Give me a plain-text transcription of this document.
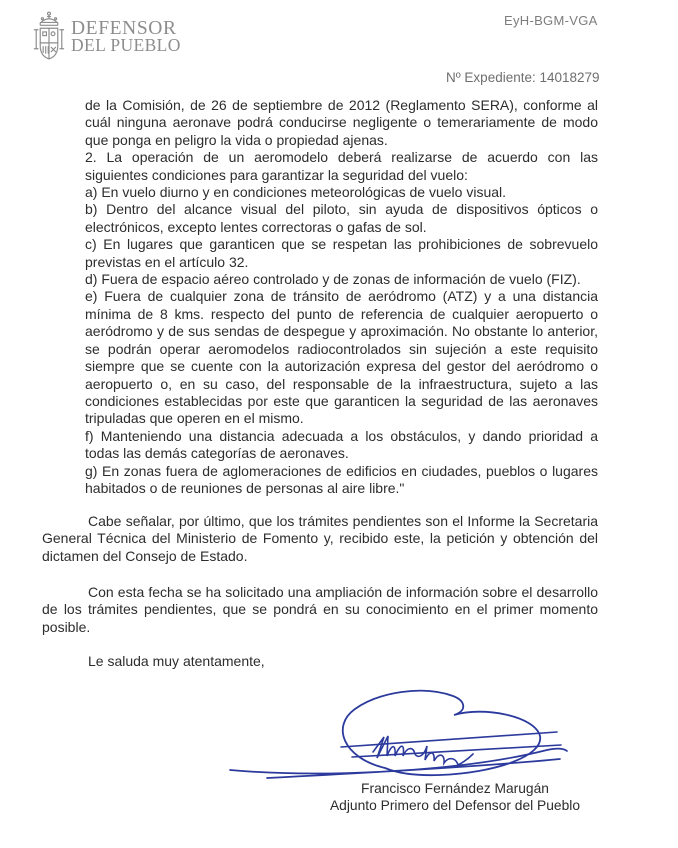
DEFENSOR
DEL PUEBLO
EyH-BGM-VGA
Nº Expediente: 14018279

de la Comisión, de 26 de septiembre de 2012 (Reglamento SERA), conforme al cuál ninguna aeronave podrá conducirse negligente o temerariamente de modo que ponga en peligro la vida o propiedad ajenas.

2. La operación de un aeromodelo deberá realizarse de acuerdo con las siguientes condiciones para garantizar la seguridad del vuelo:

a) En vuelo diurno y en condiciones meteorológicas de vuelo visual.

b) Dentro del alcance visual del piloto, sin ayuda de dispositivos ópticos o electrónicos, excepto lentes correctoras o gafas de sol.

c) En lugares que garanticen que se respetan las prohibiciones de sobrevuelo previstas en el artículo 32.

d) Fuera de espacio aéreo controlado y de zonas de información de vuelo (FIZ).

e) Fuera de cualquier zona de tránsito de aeródromo (ATZ) y a una distancia mínima de 8 kms. respecto del punto de referencia de cualquier aeropuerto o aeródromo y de sus sendas de despegue y aproximación. No obstante lo anterior, se podrán operar aeromodelos radiocontrolados sin sujeción a este requisito siempre que se cuente con la autorización expresa del gestor del aeródromo o aeropuerto o, en su caso, del responsable de la infraestructura, sujeto a las condiciones establecidas por este que garanticen la seguridad de las aeronaves tripuladas que operen en el mismo.

f) Manteniendo una distancia adecuada a los obstáculos, y dando prioridad a todas las demás categorías de aeronaves.

g) En zonas fuera de aglomeraciones de edificios en ciudades, pueblos o lugares habitados o de reuniones de personas al aire libre."

Cabe señalar, por último, que los trámites pendientes son el Informe la Secretaria General Técnica del Ministerio de Fomento y, recibido este, la petición y obtención del dictamen del Consejo de Estado.

Con esta fecha se ha solicitado una ampliación de información sobre el desarrollo de los trámites pendientes, que se pondrá en su conocimiento en el primer momento posible.

Le saluda muy atentamente,

Francisco Fernández Marugán
Adjunto Primero del Defensor del Pueblo
